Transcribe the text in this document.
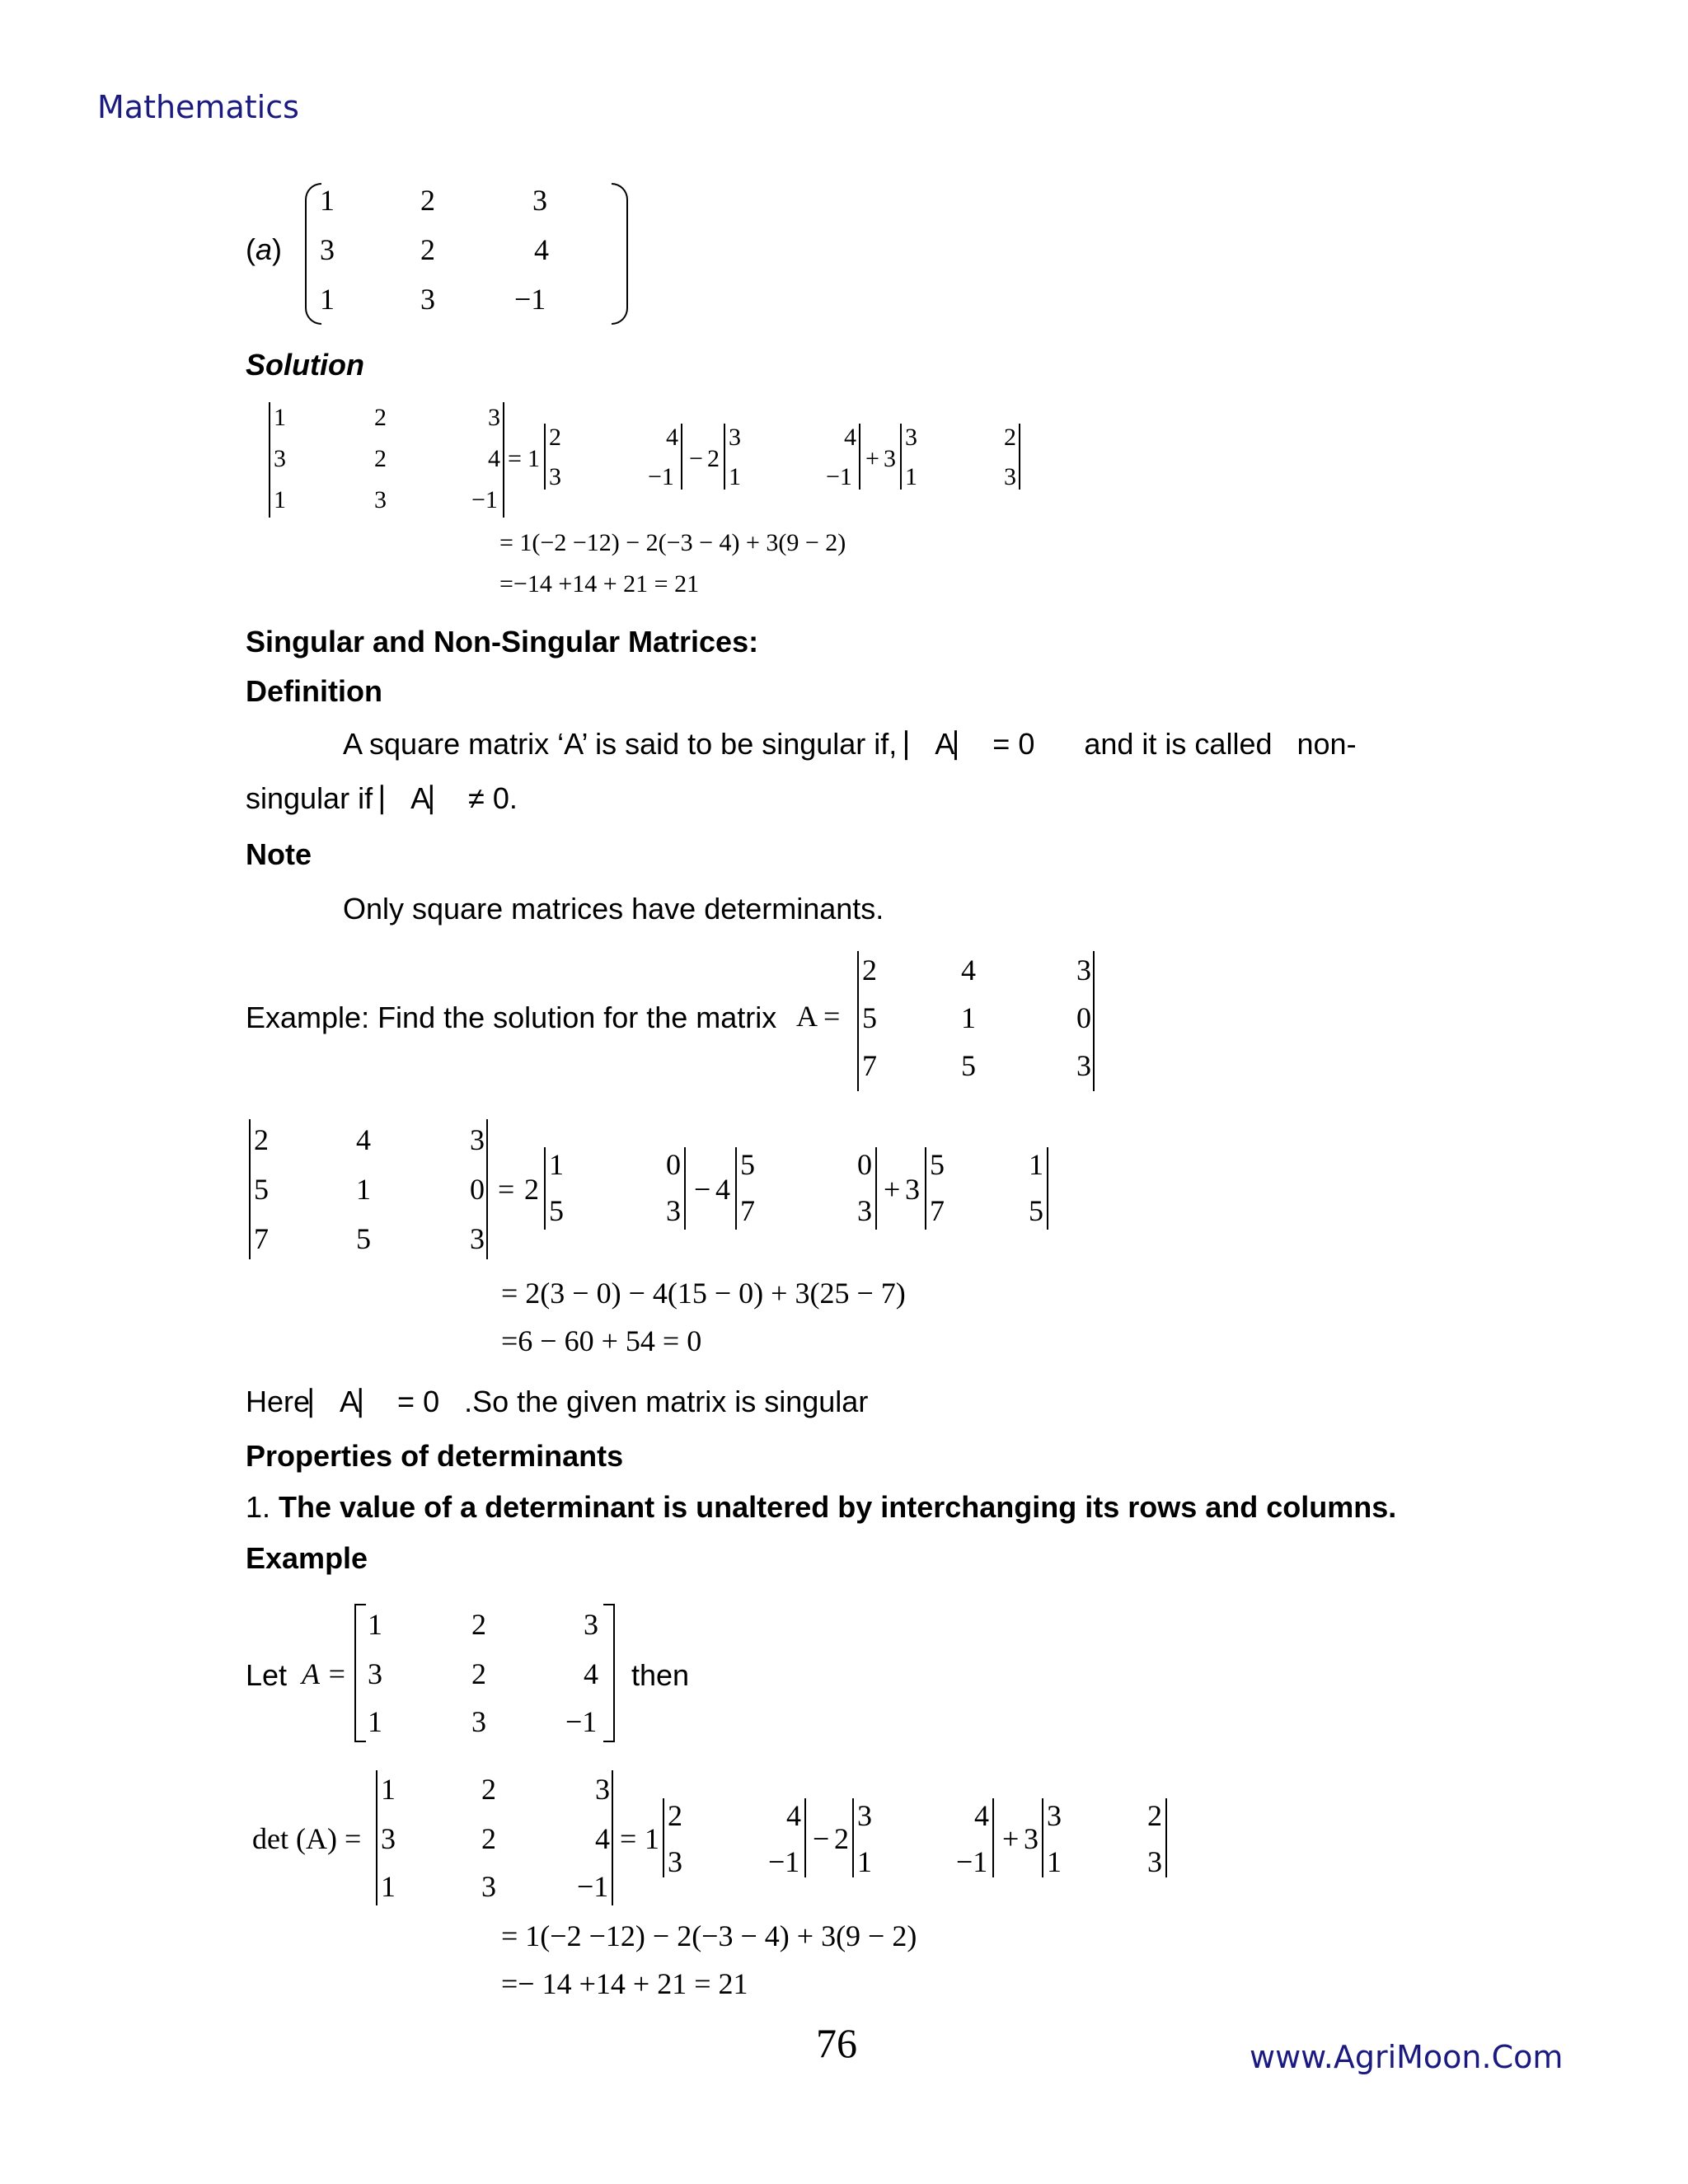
Mathematics
(a)
1	2	3
3	2	4
1	3	−1
Solution
1	2	3
3	2	4
1	3	−1
= 1
2	4
3	−1
− 2
3	4
1	−1
+ 3
3	2
1	3
= 1(−2 −12) − 2(−3 − 4) + 3(9 − 2)
=−14 +14 + 21 = 21
Singular and Non-Singular Matrices:
Definition
A square matrix ‘A’ is said to be singular if, ⎸A⎸ = 0      and it is called   non-
singular if ⎸A⎸ ≠ 0.
Note
Only square matrices have determinants.
Example: Find the solution for the matrix A =
2	4	3
5	1	0
7	5	3
2	4	3
5	1	0
7	5	3
= 2
1	0
5	3
− 4
5	0
7	3
+ 3
5	1
7	5
= 2(3 − 0) − 4(15 − 0) + 3(25 − 7)
=6 − 60 + 54 = 0
Here⎸A⎸ = 0   .So the given matrix is singular
Properties of determinants
1. The value of a determinant is unaltered by interchanging its rows and columns.
Example
Let A =
1	2	3
3	2	4
1	3	−1
then
det (A) =
1	2	3
3	2	4
1	3	−1
= 1
2	4
3	−1
− 2
3	4
1	−1
+ 3
3	2
1	3
= 1(−2 −12) − 2(−3 − 4) + 3(9 − 2)
=− 14 +14 + 21 = 21
76	www.AgriMoon.Com
